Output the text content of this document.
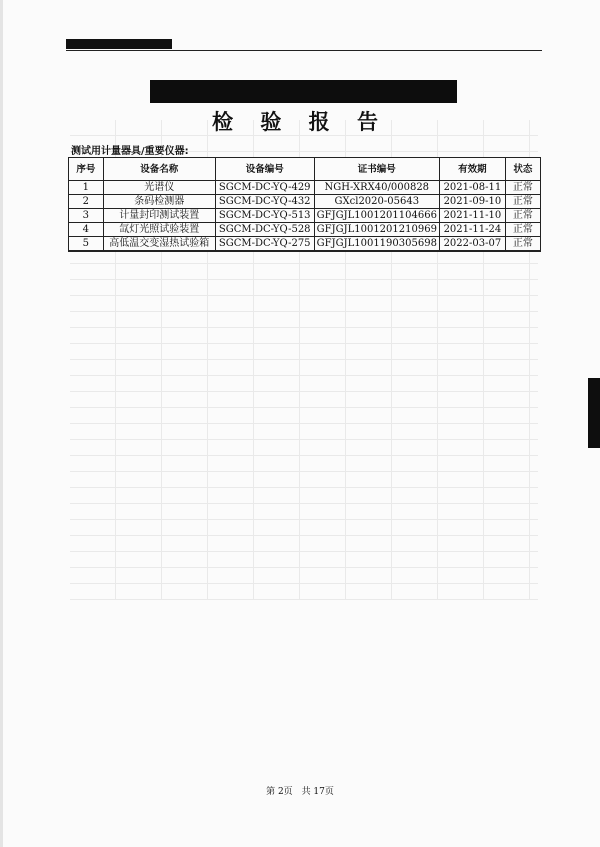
检 验 报 告
测试用计量器具/重要仪器:
序号	设备名称	设备编号	证书编号	有效期	状态
1	光谱仪	SGCM-DC-YQ-429	NGH-XRX40/000828	2021-08-11	正常
2	条码检测器	SGCM-DC-YQ-432	GXcl2020-05643	2021-09-10	正常
3	计量封印测试装置	SGCM-DC-YQ-513	GFJGJL1001201104666	2021-11-10	正常
4	氙灯光照试验装置	SGCM-DC-YQ-528	GFJGJL1001201210969	2021-11-24	正常
5	高低温交变湿热试验箱	SGCM-DC-YQ-275	GFJGJL1001190305698	2022-03-07	正常
第 2页 共 17页
